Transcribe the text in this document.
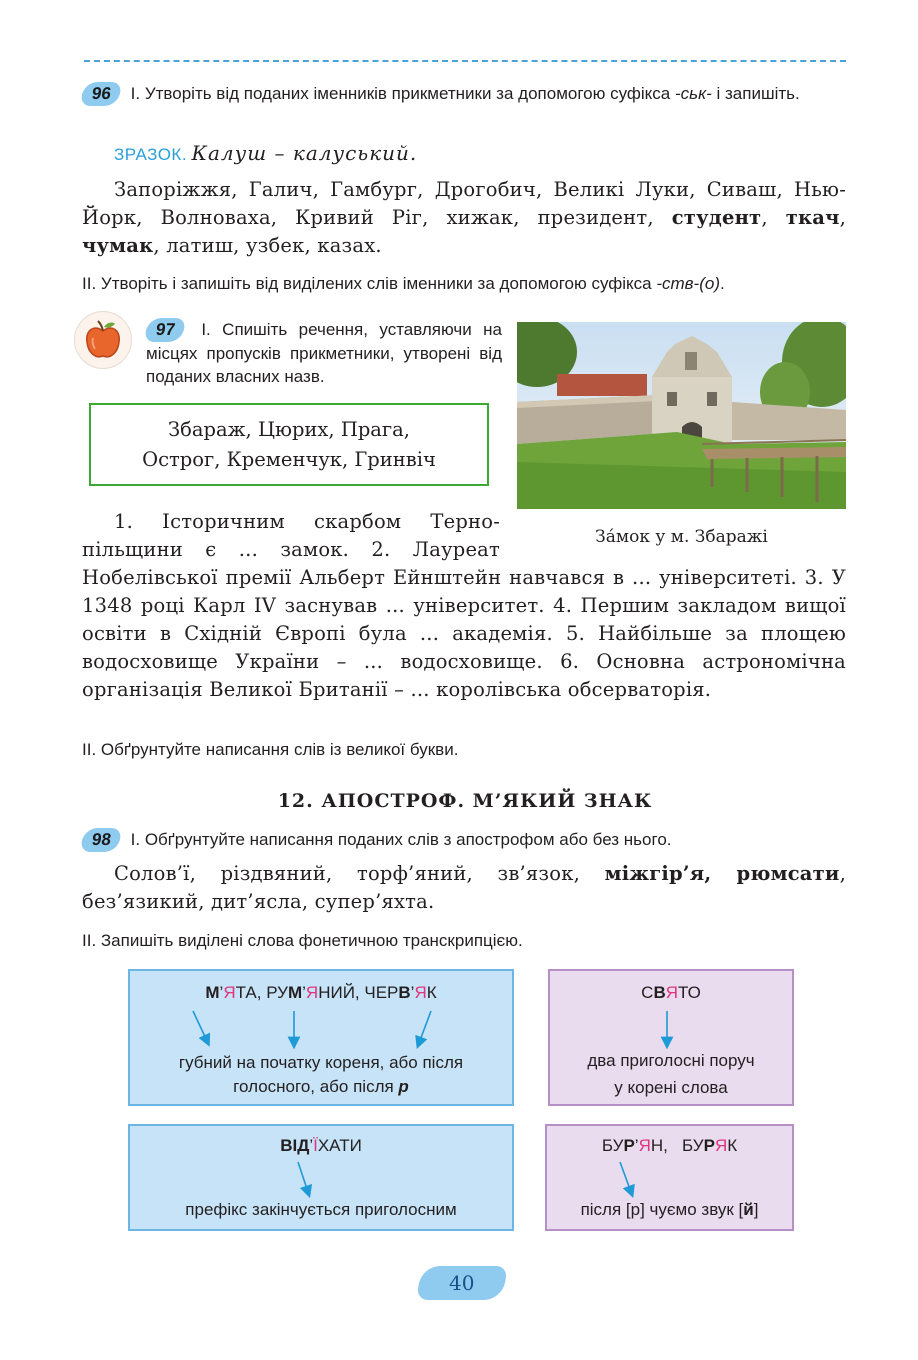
96 I. Утворіть від поданих іменників прикметники за допомогою суфікса -ськ- і запишіть.
ЗРАЗОК. Калуш – калуський.
Запоріжжя, Галич, Гамбург, Дрогобич, Великі Луки, Сиваш, Нью-Йорк, Волноваха, Кривий Ріг, хижак, президент, студент, ткач, чумак, латиш, узбек, казах.
II. Утворіть і запишіть від виділених слів іменники за допомогою суфікса -ств-(о).
97 I. Спишіть речення, уставляючи на місцях пропусків прикметники, утворені від поданих власних назв.
Збараж, Цюрих, Прага,
Острог, Кременчук, Гринвіч
За́мок у м. Збаражі
1. Історичним скарбом Терно-
пільщини є ... замок. 2. Лауреат
Нобелівської премії Альберт Ейнштейн навчався в ... університеті. 3. У 1348 році Карл IV заснував ... університет. 4. Першим закладом вищої освіти в Східній Європі була ... академія. 5. Найбільше за площею водосховище України – ... водосховище. 6. Основна астрономічна організація Великої Британії – ... королівська обсерваторія.
II. Обґрунтуйте написання слів із великої букви.
12. АПОСТРОФ. М’ЯКИЙ ЗНАК
98 I. Обґрунтуйте написання поданих слів з апострофом або без нього.
Солов’ї, різдвяний, торф’яний, зв’язок, міжгір’я, рюмсати, без’язикий, дит’ясла, супер’яхта.
II. Запишіть виділені слова фонетичною транскрипцією.
М’ЯТА, РУМ’ЯНИЙ, ЧЕРВ’ЯК
губний на початку кореня, або після
голосного, або після р
СВЯТО
два приголосні поруч
у корені слова
ВІД’ЇХАТИ
префікс закінчується приголосним
БУР’ЯН, БУРЯК
після [р] чуємо звук [й]
40
